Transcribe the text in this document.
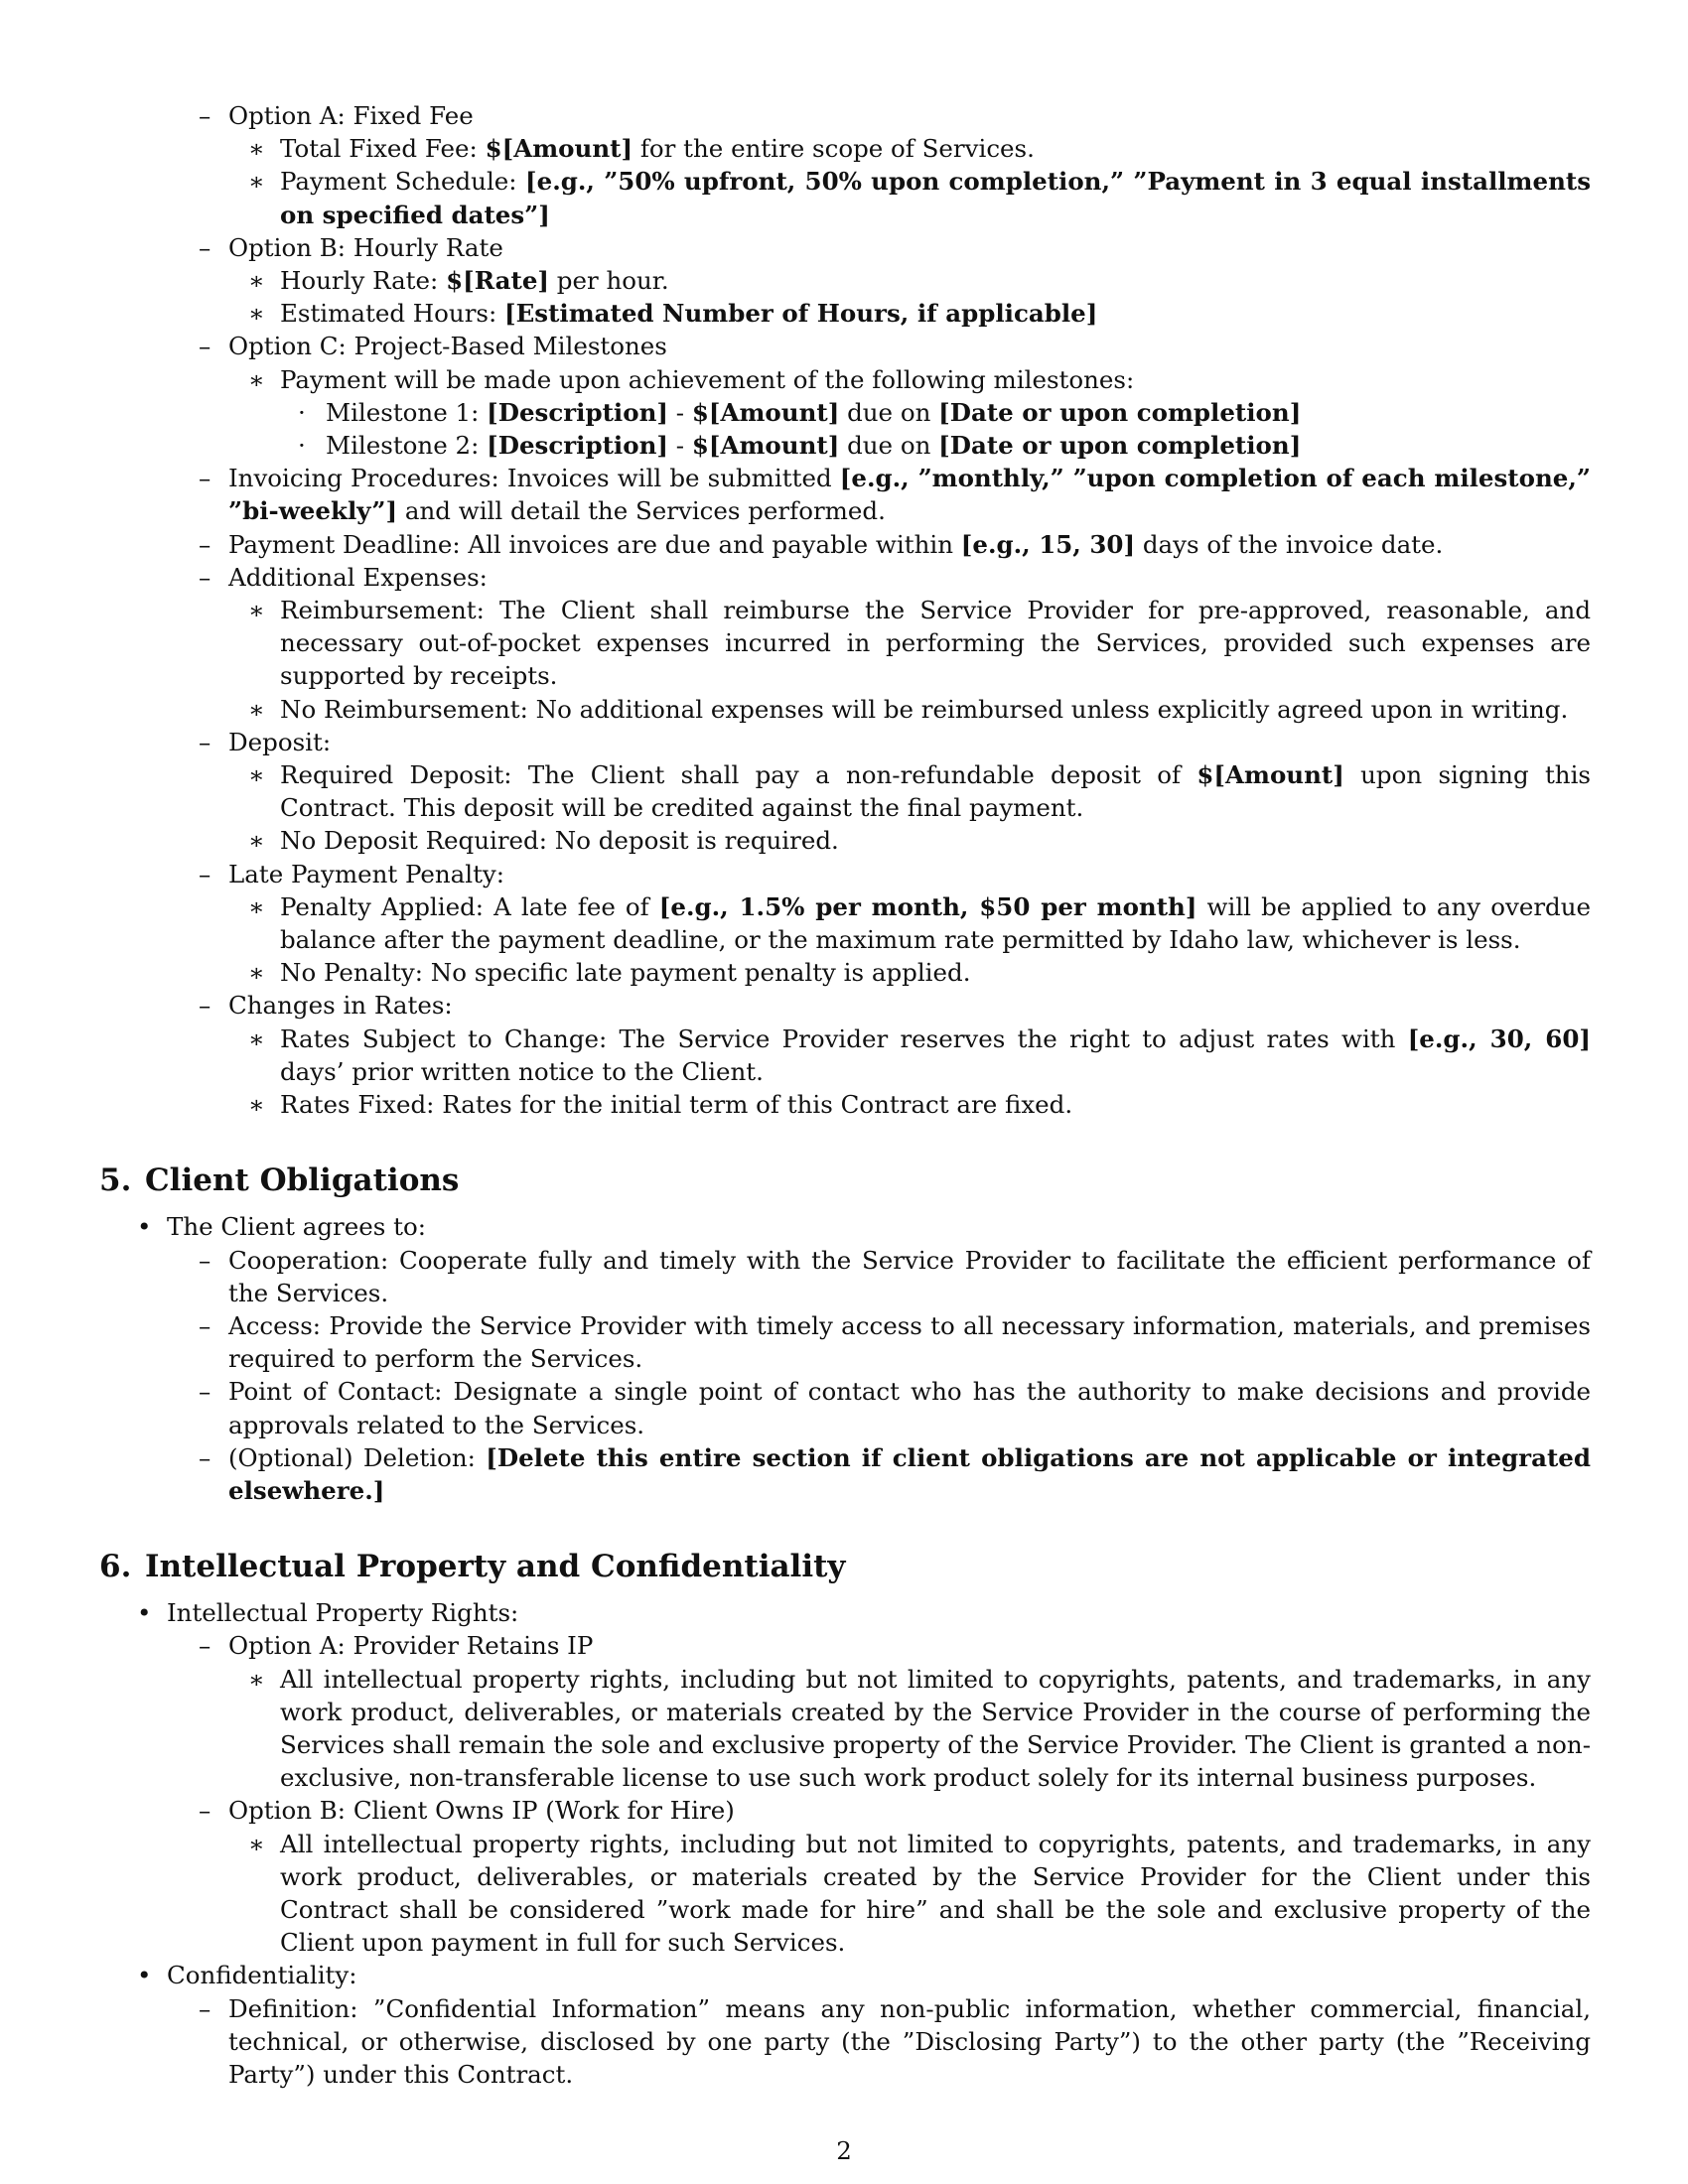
– Option A: Fixed Fee
∗ Total Fixed Fee: $[Amount] for the entire scope of Services.
∗ Payment Schedule: [e.g., ”50% upfront, 50% upon completion,” ”Payment in 3 equal installments on specified dates”]
– Option B: Hourly Rate
∗ Hourly Rate: $[Rate] per hour.
∗ Estimated Hours: [Estimated Number of Hours, if applicable]
– Option C: Project-Based Milestones
∗ Payment will be made upon achievement of the following milestones:
· Milestone 1: [Description] - $[Amount] due on [Date or upon completion]
· Milestone 2: [Description] - $[Amount] due on [Date or upon completion]
– Invoicing Procedures: Invoices will be submitted [e.g., ”monthly,” ”upon completion of each milestone,” ”bi-weekly”] and will detail the Services performed.
– Payment Deadline: All invoices are due and payable within [e.g., 15, 30] days of the invoice date.
– Additional Expenses:
∗ Reimbursement: The Client shall reimburse the Service Provider for pre-approved, reasonable, and necessary out-of-pocket expenses incurred in performing the Services, provided such expenses are supported by receipts.
∗ No Reimbursement: No additional expenses will be reimbursed unless explicitly agreed upon in writing.
– Deposit:
∗ Required Deposit: The Client shall pay a non-refundable deposit of $[Amount] upon signing this Contract. This deposit will be credited against the final payment.
∗ No Deposit Required: No deposit is required.
– Late Payment Penalty:
∗ Penalty Applied: A late fee of [e.g., 1.5% per month, $50 per month] will be applied to any overdue balance after the payment deadline, or the maximum rate permitted by Idaho law, whichever is less.
∗ No Penalty: No specific late payment penalty is applied.
– Changes in Rates:
∗ Rates Subject to Change: The Service Provider reserves the right to adjust rates with [e.g., 30, 60] days’ prior written notice to the Client.
∗ Rates Fixed: Rates for the initial term of this Contract are fixed.
5. Client Obligations
• The Client agrees to:
– Cooperation: Cooperate fully and timely with the Service Provider to facilitate the efficient performance of the Services.
– Access: Provide the Service Provider with timely access to all necessary information, materials, and premises required to perform the Services.
– Point of Contact: Designate a single point of contact who has the authority to make decisions and provide approvals related to the Services.
– (Optional) Deletion: [Delete this entire section if client obligations are not applicable or integrated elsewhere.]
6. Intellectual Property and Confidentiality
• Intellectual Property Rights:
– Option A: Provider Retains IP
∗ All intellectual property rights, including but not limited to copyrights, patents, and trademarks, in any work product, deliverables, or materials created by the Service Provider in the course of performing the Services shall remain the sole and exclusive property of the Service Provider. The Client is granted a non-exclusive, non-transferable license to use such work product solely for its internal business purposes.
– Option B: Client Owns IP (Work for Hire)
∗ All intellectual property rights, including but not limited to copyrights, patents, and trademarks, in any work product, deliverables, or materials created by the Service Provider for the Client under this Contract shall be considered ”work made for hire” and shall be the sole and exclusive property of the Client upon payment in full for such Services.
• Confidentiality:
– Definition: ”Confidential Information” means any non-public information, whether commercial, financial, technical, or otherwise, disclosed by one party (the ”Disclosing Party”) to the other party (the ”Receiving Party”) under this Contract.
2
